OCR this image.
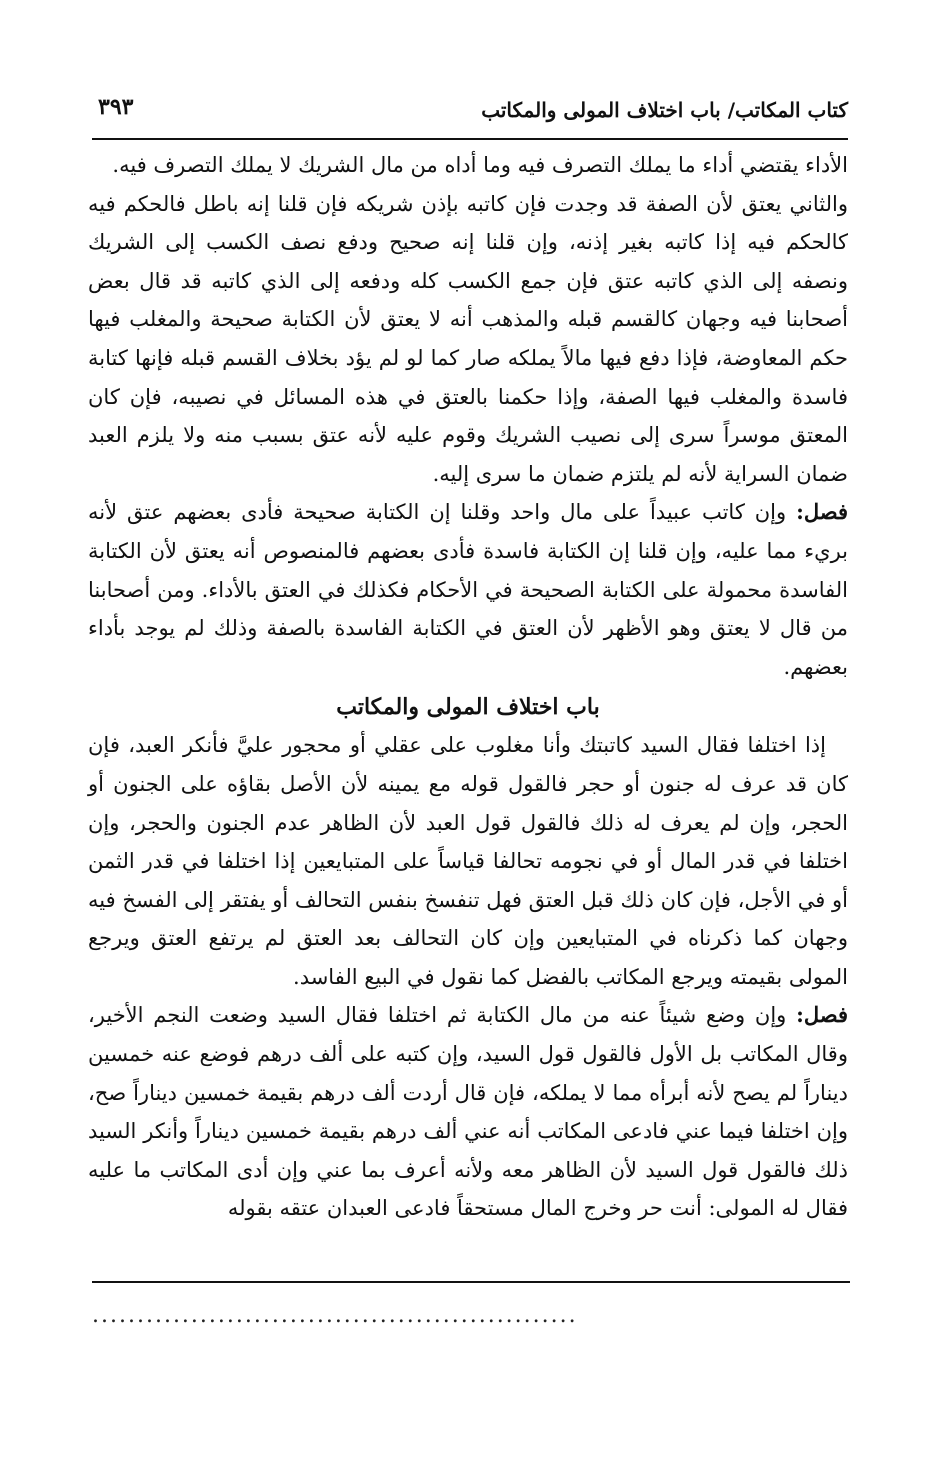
كتاب المكاتب/ باب اختلاف المولى والمكاتب
٣٩٣

الأداء يقتضي أداء ما يملك التصرف فيه وما أداه من مال الشريك لا يملك التصرف فيه.

والثاني يعتق لأن الصفة قد وجدت فإن كاتبه بإذن شريكه فإن قلنا إنه باطل فالحكم فيه كالحكم فيه إذا كاتبه بغير إذنه، وإن قلنا إنه صحيح ودفع نصف الكسب إلى الشريك ونصفه إلى الذي كاتبه عتق فإن جمع الكسب كله ودفعه إلى الذي كاتبه قد قال بعض أصحابنا فيه وجهان كالقسم قبله والمذهب أنه لا يعتق لأن الكتابة صحيحة والمغلب فيها حكم المعاوضة، فإذا دفع فيها مالاً يملكه صار كما لو لم يؤد بخلاف القسم قبله فإنها كتابة فاسدة والمغلب فيها الصفة، وإذا حكمنا بالعتق في هذه المسائل في نصيبه، فإن كان المعتق موسراً سرى إلى نصيب الشريك وقوم عليه لأنه عتق بسبب منه ولا يلزم العبد ضمان السراية لأنه لم يلتزم ضمان ما سرى إليه.

فصل: وإن كاتب عبيداً على مال واحد وقلنا إن الكتابة صحيحة فأدى بعضهم عتق لأنه بريء مما عليه، وإن قلنا إن الكتابة فاسدة فأدى بعضهم فالمنصوص أنه يعتق لأن الكتابة الفاسدة محمولة على الكتابة الصحيحة في الأحكام فكذلك في العتق بالأداء. ومن أصحابنا من قال لا يعتق وهو الأظهر لأن العتق في الكتابة الفاسدة بالصفة وذلك لم يوجد بأداء بعضهم.

باب اختلاف المولى والمكاتب

إذا اختلفا فقال السيد كاتبتك وأنا مغلوب على عقلي أو محجور عليَّ فأنكر العبد، فإن كان قد عرف له جنون أو حجر فالقول قوله مع يمينه لأن الأصل بقاؤه على الجنون أو الحجر، وإن لم يعرف له ذلك فالقول قول العبد لأن الظاهر عدم الجنون والحجر، وإن اختلفا في قدر المال أو في نجومه تحالفا قياساً على المتبايعين إذا اختلفا في قدر الثمن أو في الأجل، فإن كان ذلك قبل العتق فهل تنفسخ بنفس التحالف أو يفتقر إلى الفسخ فيه وجهان كما ذكرناه في المتبايعين وإن كان التحالف بعد العتق لم يرتفع العتق ويرجع المولى بقيمته ويرجع المكاتب بالفضل كما نقول في البيع الفاسد.

فصل: وإن وضع شيئاً عنه من مال الكتابة ثم اختلفا فقال السيد وضعت النجم الأخير، وقال المكاتب بل الأول فالقول قول السيد، وإن كتبه على ألف درهم فوضع عنه خمسين ديناراً لم يصح لأنه أبرأه مما لا يملكه، فإن قال أردت ألف درهم بقيمة خمسين ديناراً صح، وإن اختلفا فيما عني فادعى المكاتب أنه عني ألف درهم بقيمة خمسين ديناراً وأنكر السيد ذلك فالقول قول السيد لأن الظاهر معه ولأنه أعرف بما عني وإن أدى المكاتب ما عليه فقال له المولى: أنت حر وخرج المال مستحقاً فادعى العبدان عتقه بقوله

......................................................
